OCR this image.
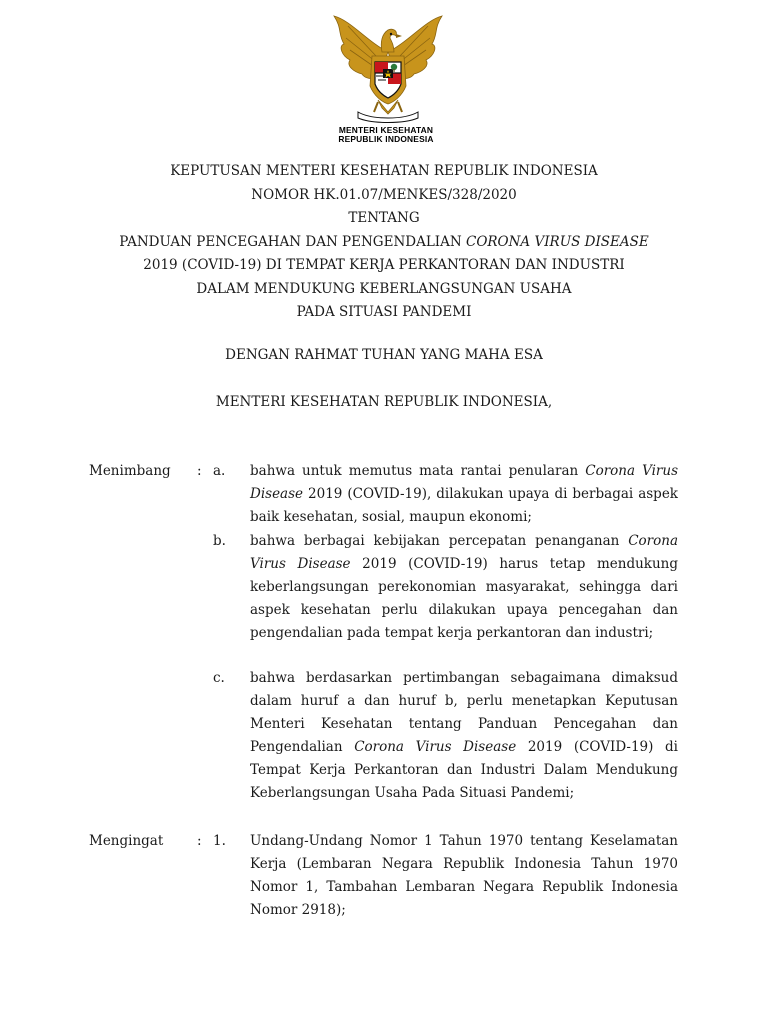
MENTERI KESEHATAN
REPUBLIK INDONESIA
KEPUTUSAN MENTERI KESEHATAN REPUBLIK INDONESIA
NOMOR HK.01.07/MENKES/328/2020
TENTANG
PANDUAN PENCEGAHAN DAN PENGENDALIAN CORONA VIRUS DISEASE
2019 (COVID-19) DI TEMPAT KERJA PERKANTORAN DAN INDUSTRI
DALAM MENDUKUNG KEBERLANGSUNGAN USAHA
PADA SITUASI PANDEMI
DENGAN RAHMAT TUHAN YANG MAHA ESA
MENTERI KESEHATAN REPUBLIK INDONESIA,
Menimbang : a. bahwa untuk memutus mata rantai penularan Corona Virus Disease 2019 (COVID-19), dilakukan upaya di berbagai aspek baik kesehatan, sosial, maupun ekonomi;
b. bahwa berbagai kebijakan percepatan penanganan Corona Virus Disease 2019 (COVID-19) harus tetap mendukung keberlangsungan perekonomian masyarakat, sehingga dari aspek kesehatan perlu dilakukan upaya pencegahan dan pengendalian pada tempat kerja perkantoran dan industri;
c. bahwa berdasarkan pertimbangan sebagaimana dimaksud dalam huruf a dan huruf b, perlu menetapkan Keputusan Menteri Kesehatan tentang Panduan Pencegahan dan Pengendalian Corona Virus Disease 2019 (COVID-19) di Tempat Kerja Perkantoran dan Industri Dalam Mendukung Keberlangsungan Usaha Pada Situasi Pandemi;
Mengingat : 1. Undang-Undang Nomor 1 Tahun 1970 tentang Keselamatan Kerja (Lembaran Negara Republik Indonesia Tahun 1970 Nomor 1, Tambahan Lembaran Negara Republik Indonesia Nomor 2918);
